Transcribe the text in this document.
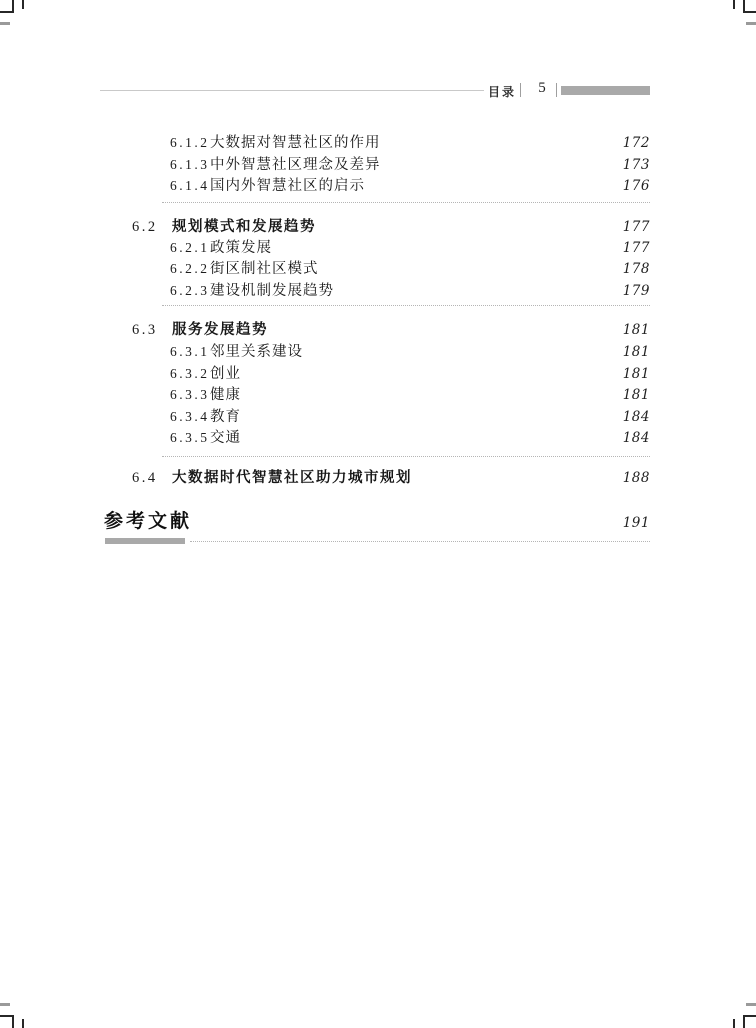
目录	5
6.1.2 大数据对智慧社区的作用	172
6.1.3 中外智慧社区理念及差异	173
6.1.4 国内外智慧社区的启示	176
6.2 规划模式和发展趋势	177
6.2.1 政策发展	177
6.2.2 街区制社区模式	178
6.2.3 建设机制发展趋势	179
6.3 服务发展趋势	181
6.3.1 邻里关系建设	181
6.3.2 创业	181
6.3.3 健康	181
6.3.4 教育	184
6.3.5 交通	184
6.4 大数据时代智慧社区助力城市规划	188
参考文献	191
